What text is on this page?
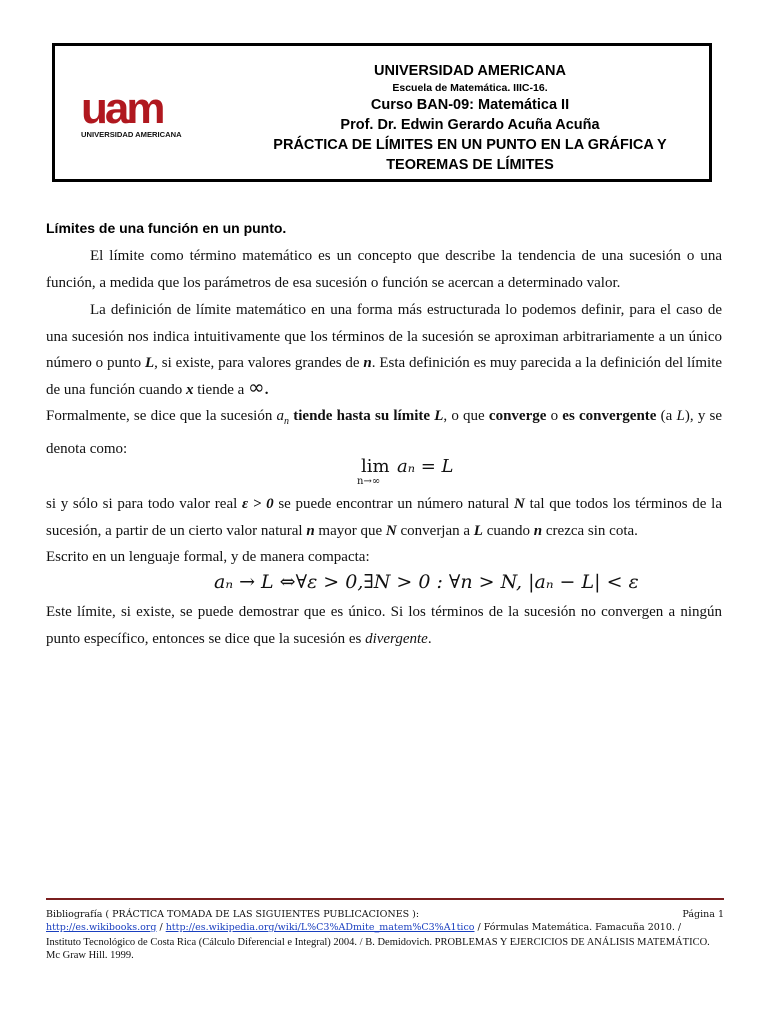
uam
UNIVERSIDAD AMERICANA
UNIVERSIDAD AMERICANA
Escuela de Matemática. IIIC-16.
Curso BAN-09: Matemática II
Prof. Dr. Edwin Gerardo Acuña Acuña
PRÁCTICA DE LÍMITES EN UN PUNTO EN LA GRÁFICA Y
TEOREMAS DE LÍMITES
Límites de una función en un punto.
El límite como término matemático es un concepto que describe la tendencia de una sucesión o una función, a medida que los parámetros de esa sucesión o función se acercan a determinado valor.
La definición de límite matemático en una forma más estructurada lo podemos definir, para el caso de una sucesión nos indica intuitivamente que los términos de la sucesión se aproximan arbitrariamente a un único número o punto L, si existe, para valores grandes de n. Esta definición es muy parecida a la definición del límite de una función cuando x tiende a ∞.
Formalmente, se dice que la sucesión $a_n$ tiende hasta su límite L, o que converge o es convergente (a L), y se denota como:
lim
n→∞
aₙ = L
si y sólo si para todo valor real ε > 0 se puede encontrar un número natural N tal que todos los términos de la sucesión, a partir de un cierto valor natural n mayor que N converjan a L cuando n crezca sin cota.
Escrito en un lenguaje formal, y de manera compacta:
aₙ → L ⇔∀ε > 0,∃N > 0 : ∀n > N, |aₙ − L| < ε
Este límite, si existe, se puede demostrar que es único. Si los términos de la sucesión no convergen a ningún punto específico, entonces se dice que la sucesión es divergente.
Bibliografía ( PRÁCTICA TOMADA DE LAS SIGUIENTES PUBLICACIONES ):	Página 1
http://es.wikibooks.org / http://es.wikipedia.org/wiki/L%C3%ADmite_matem%C3%A1tico / Fórmulas Matemática. Famacuña 2010. /
Instituto Tecnológico de Costa Rica (Cálculo Diferencial e Integral) 2004. / B. Demidovich. PROBLEMAS Y EJERCICIOS DE ANÁLISIS MATEMÁTICO. Mc Graw Hill. 1999.
